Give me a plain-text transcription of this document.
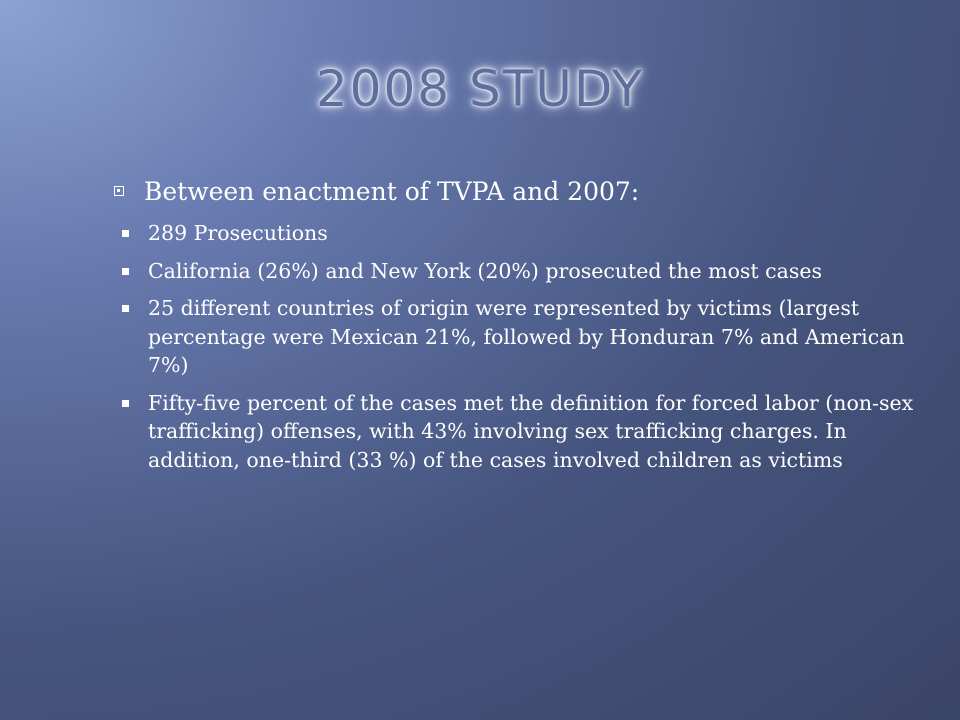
2008 STUDY
Between enactment of TVPA and 2007:
289 Prosecutions
California (26%) and New York (20%) prosecuted the most cases
25 different countries of origin were represented by victims (largest percentage were Mexican 21%, followed by Honduran 7% and American 7%)
Fifty-five percent of the cases met the definition for forced labor (non-sex trafficking) offenses, with 43% involving sex trafficking charges. In addition, one-third (33 %) of the cases involved children as victims
